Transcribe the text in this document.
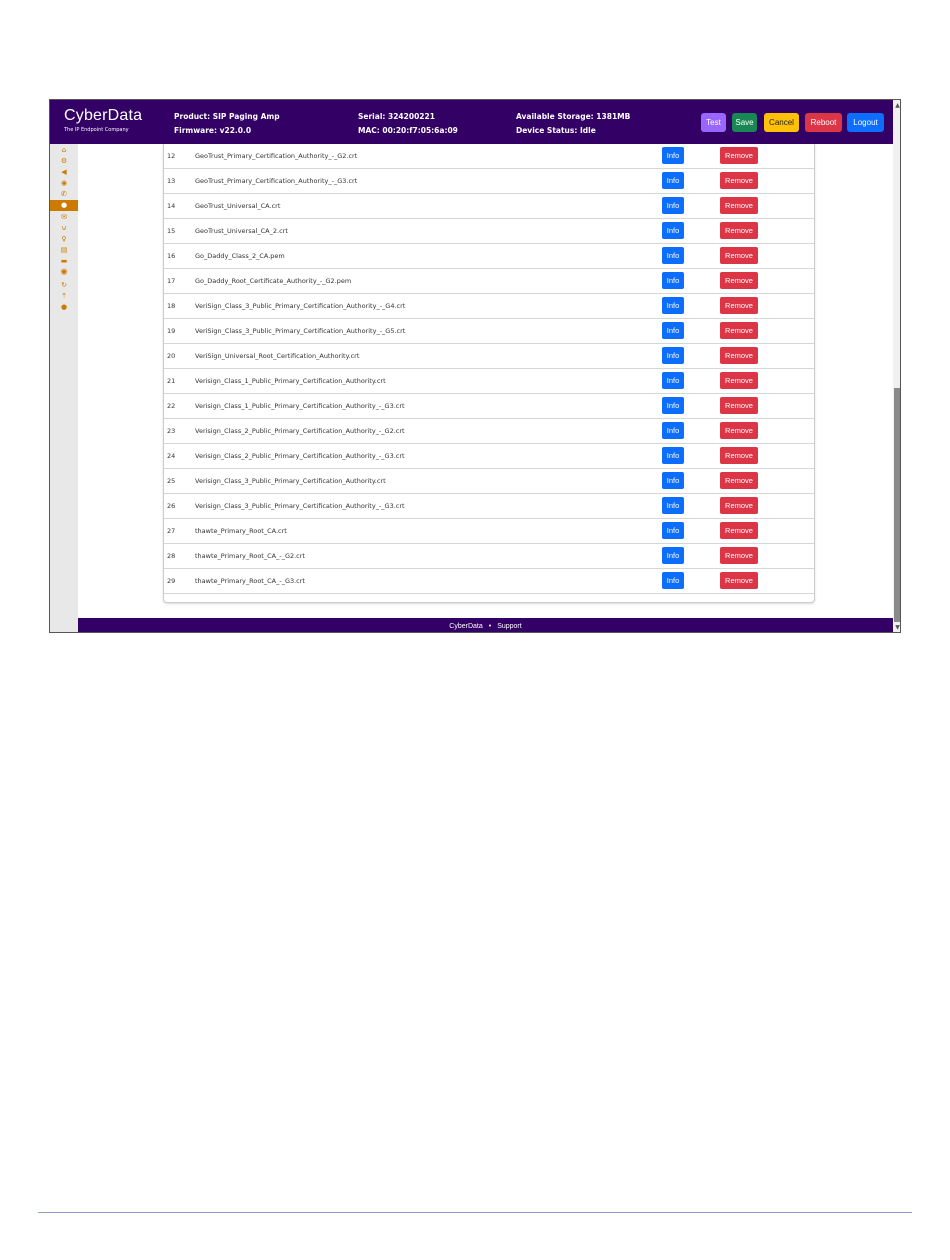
CyberData
The IP Endpoint Company
Product: SIP Paging Amp
Firmware: v22.0.0
Serial: 324200221
MAC: 00:20:f7:05:6a:09
Available Storage: 1381MB
Device Status: Idle
Test	Save	Cancel	Reboot	Logout
⌂
⚙
◀
◉
✆
●
✉
⊍
♀
▤
▬
✺
↻
⤒
●
12	GeoTrust_Primary_Certification_Authority_-_G2.crt	Info	Remove
13	GeoTrust_Primary_Certification_Authority_-_G3.crt	Info	Remove
14	GeoTrust_Universal_CA.crt	Info	Remove
15	GeoTrust_Universal_CA_2.crt	Info	Remove
16	Go_Daddy_Class_2_CA.pem	Info	Remove
17	Go_Daddy_Root_Certificate_Authority_-_G2.pem	Info	Remove
18	VeriSign_Class_3_Public_Primary_Certification_Authority_-_G4.crt	Info	Remove
19	VeriSign_Class_3_Public_Primary_Certification_Authority_-_G5.crt	Info	Remove
20	VeriSign_Universal_Root_Certification_Authority.crt	Info	Remove
21	Verisign_Class_1_Public_Primary_Certification_Authority.crt	Info	Remove
22	Verisign_Class_1_Public_Primary_Certification_Authority_-_G3.crt	Info	Remove
23	Verisign_Class_2_Public_Primary_Certification_Authority_-_G2.crt	Info	Remove
24	Verisign_Class_2_Public_Primary_Certification_Authority_-_G3.crt	Info	Remove
25	Verisign_Class_3_Public_Primary_Certification_Authority.crt	Info	Remove
26	Verisign_Class_3_Public_Primary_Certification_Authority_-_G3.crt	Info	Remove
27	thawte_Primary_Root_CA.crt	Info	Remove
28	thawte_Primary_Root_CA_-_G2.crt	Info	Remove
29	thawte_Primary_Root_CA_-_G3.crt	Info	Remove
CyberData • Support
▲
▼
